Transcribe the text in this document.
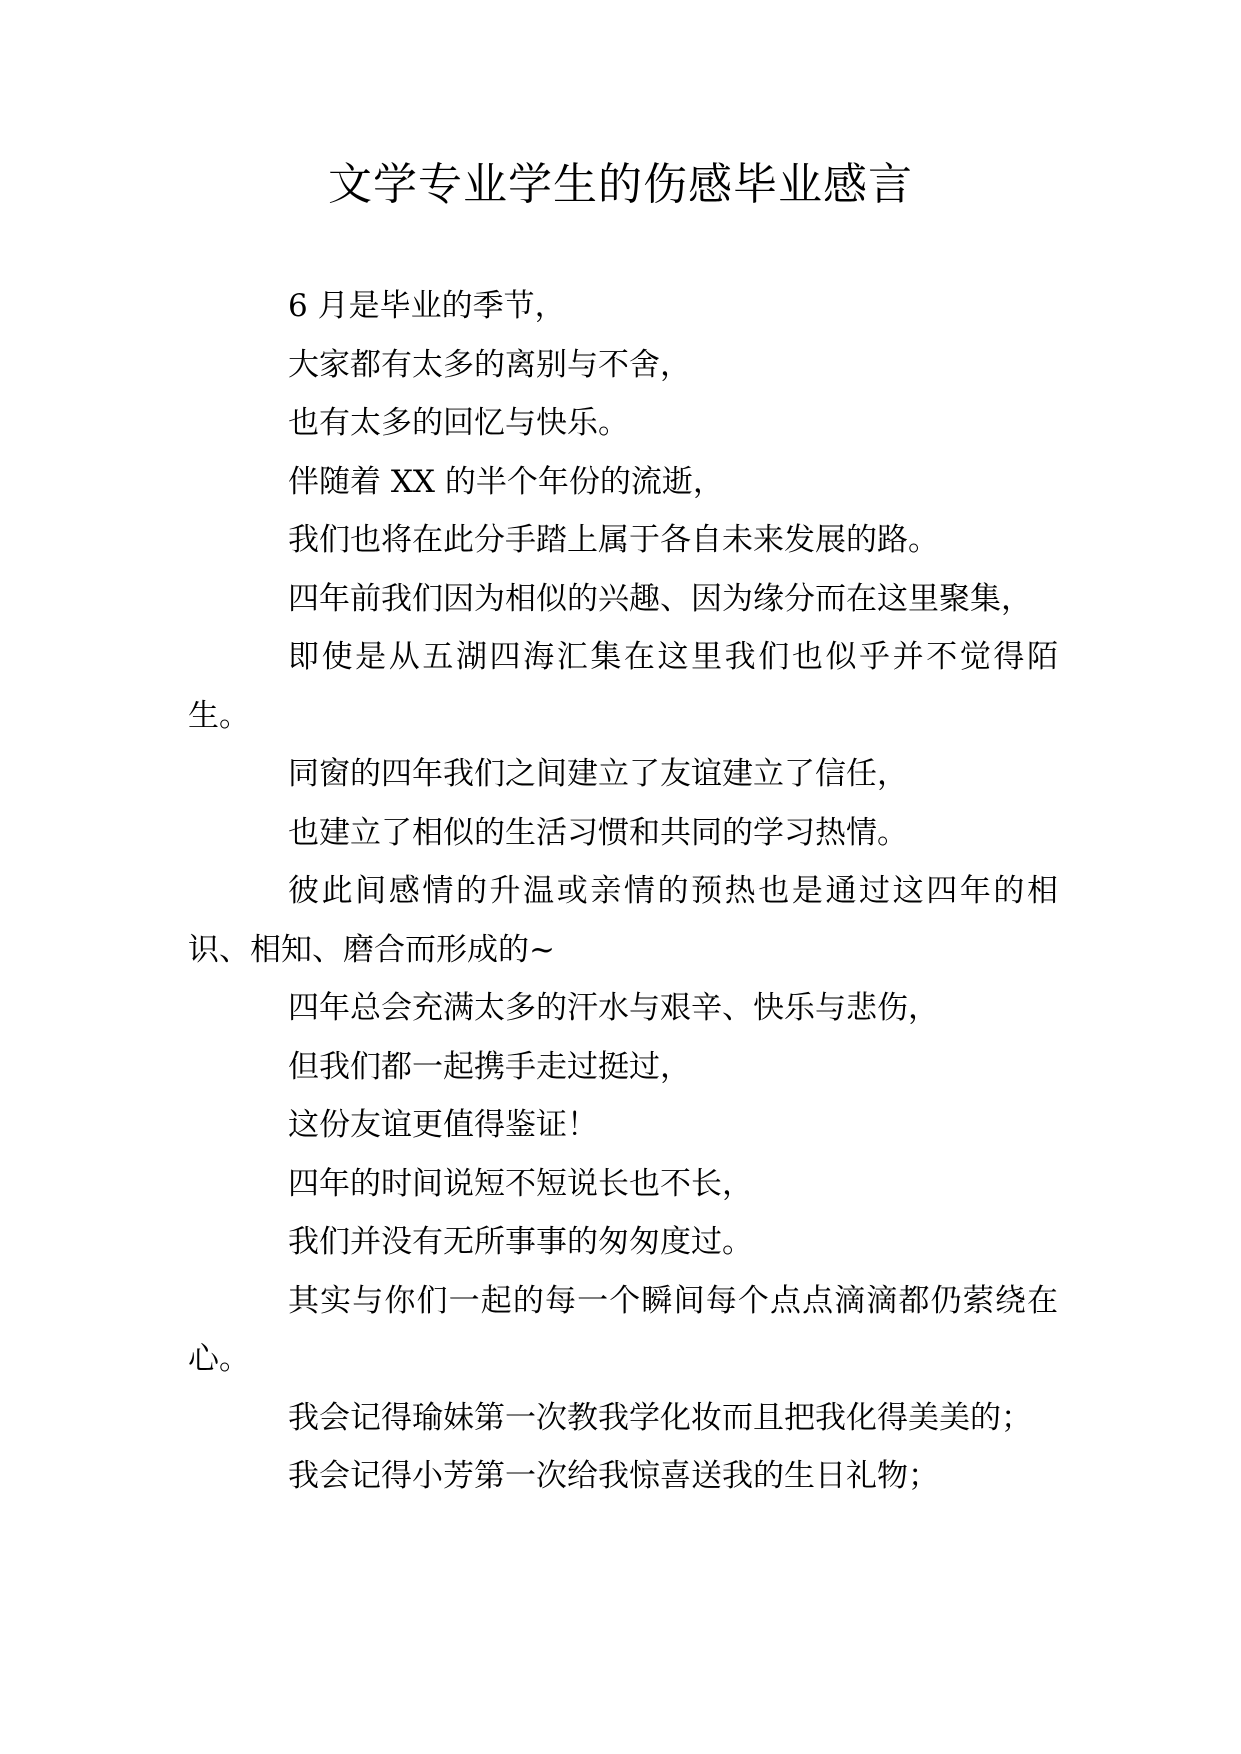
文学专业学生的伤感毕业感言

6 月是毕业的季节，

大家都有太多的离别与不舍，

也有太多的回忆与快乐。

伴随着 XX 的半个年份的流逝，

我们也将在此分手踏上属于各自未来发展的路。

四年前我们因为相似的兴趣、因为缘分而在这里聚集，

即使是从五湖四海汇集在这里我们也似乎并不觉得陌生。

同窗的四年我们之间建立了友谊建立了信任，

也建立了相似的生活习惯和共同的学习热情。

彼此间感情的升温或亲情的预热也是通过这四年的相识、相知、磨合而形成的~

四年总会充满太多的汗水与艰辛、快乐与悲伤，

但我们都一起携手走过挺过，

这份友谊更值得鉴证！

四年的时间说短不短说长也不长，

我们并没有无所事事的匆匆度过。

其实与你们一起的每一个瞬间每个点点滴滴都仍萦绕在心。

我会记得瑜妹第一次教我学化妆而且把我化得美美的；

我会记得小芳第一次给我惊喜送我的生日礼物；
